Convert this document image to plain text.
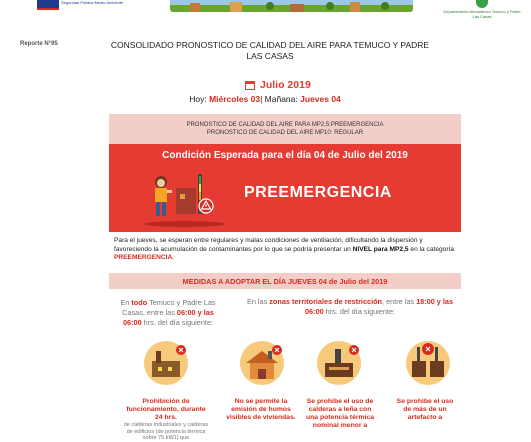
Seguridad Pública Medio Ambiente
Departamento Atmosférico Temuco y Padre Las Casas
Reporte N°95	CONSOLIDADO PRONOSTICO DE CALIDAD DEL AIRE PARA TEMUCO Y PADRE LAS CASAS
Julio 2019
Hoy: Miércoles 03| Mañana: Jueves 04
PRONOSTICO DE CALIDAD DEL AIRE PARA MP2,5:PREEMERGENCIA
PRONOSTICO DE CALIDAD DEL AIRE MP10: REGULAR
Condición Esperada para el día 04 de Julio del 2019
PREEMERGENCIA
Para el jueves, se esperan entre regulares y malas condiciones de ventilación, dificultando la dispersión y favoreciendo la acumulación de contaminantes por lo que se podría presentar un NIVEL para MP2,5 en la categoría PREEMERGENCIA.
MEDIDAS A ADOPTAR EL DÍA JUEVES 04 de Julio del 2019
En todo Temuco y Padre Las Casas, entre las 06:00 y las 06:00 hrs. del día siguiente:
En las zonas territoriales de restricción, entre las 18:00 y las 06:00 hrs. del día siguiente:
Prohibición de funcionamiento, durante 24 hrs.
de calderas industriales y calderas de edificios (de potencia térmica sobre 75 kW1) que
No se permite la emisión de humos visibles de viviendas.
Se prohibe el uso de calderas a leña con una potencia térmica nominal menor a
Se prohibe el uso de más de un artefacto a
